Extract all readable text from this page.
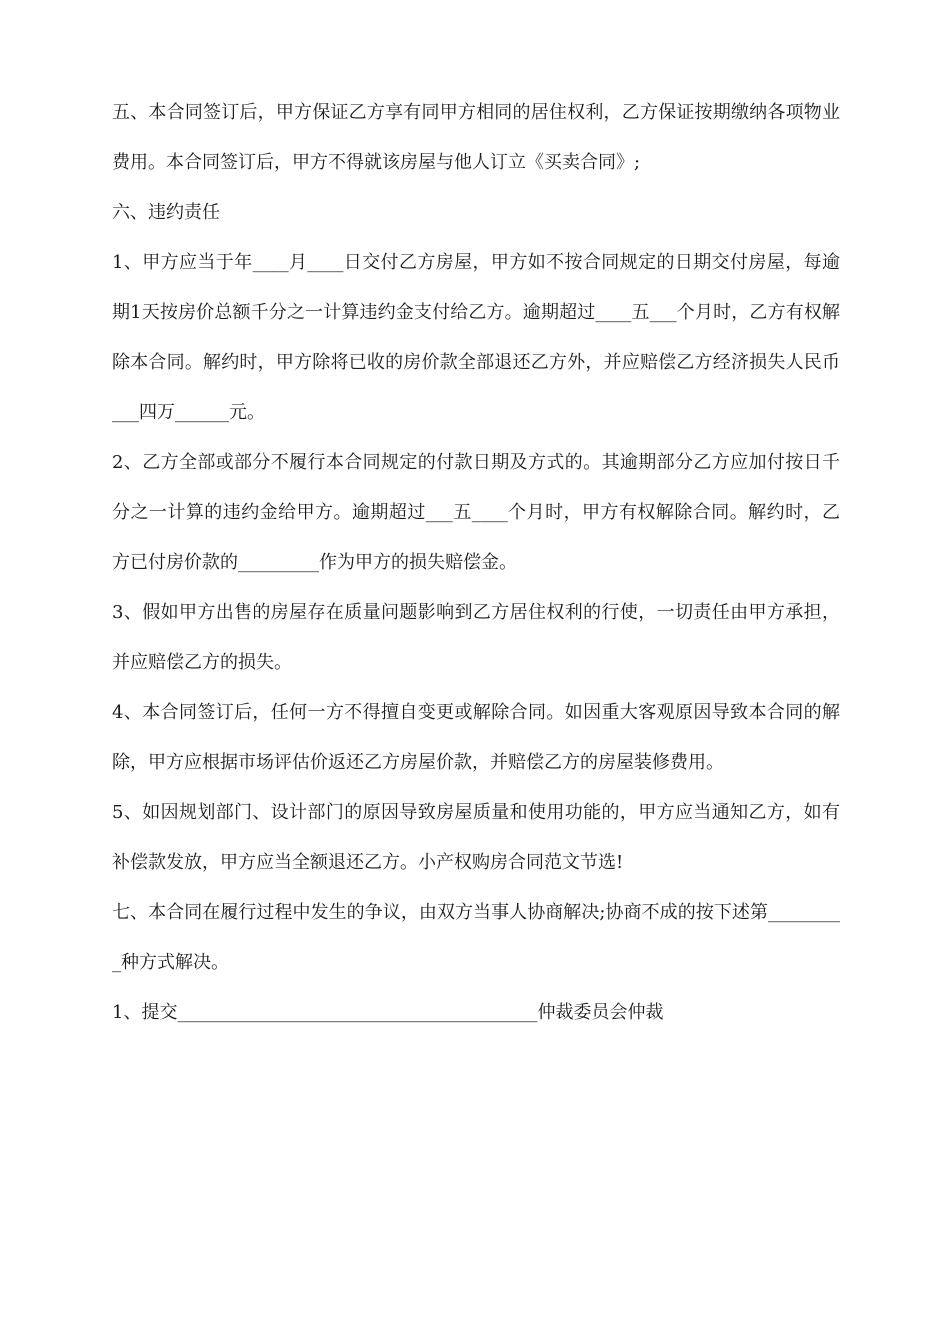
五、本合同签订后，甲方保证乙方享有同甲方相同的居住权利，乙方保证按期缴纳各项物业费用。本合同签订后，甲方不得就该房屋与他人订立《买卖合同》;

六、违约责任

1、甲方应当于年____月____日交付乙方房屋，甲方如不按合同规定的日期交付房屋，每逾期1天按房价总额千分之一计算违约金支付给乙方。逾期超过____五___个月时，乙方有权解除本合同。解约时，甲方除将已收的房价款全部退还乙方外，并应赔偿乙方经济损失人民币___四万______元。

2、乙方全部或部分不履行本合同规定的付款日期及方式的。其逾期部分乙方应加付按日千分之一计算的违约金给甲方。逾期超过___五____个月时，甲方有权解除合同。解约时，乙方已付房价款的_________作为甲方的损失赔偿金。

3、假如甲方出售的房屋存在质量问题影响到乙方居住权利的行使，一切责任由甲方承担，并应赔偿乙方的损失。

4、本合同签订后，任何一方不得擅自变更或解除合同。如因重大客观原因导致本合同的解除，甲方应根据市场评估价返还乙方房屋价款，并赔偿乙方的房屋装修费用。

5、如因规划部门、设计部门的原因导致房屋质量和使用功能的，甲方应当通知乙方，如有补偿款发放，甲方应当全额退还乙方。小产权购房合同范文节选!

七、本合同在履行过程中发生的争议，由双方当事人协商解决;协商不成的按下述第_________种方式解决。

1、提交________________________________________仲裁委员会仲裁
